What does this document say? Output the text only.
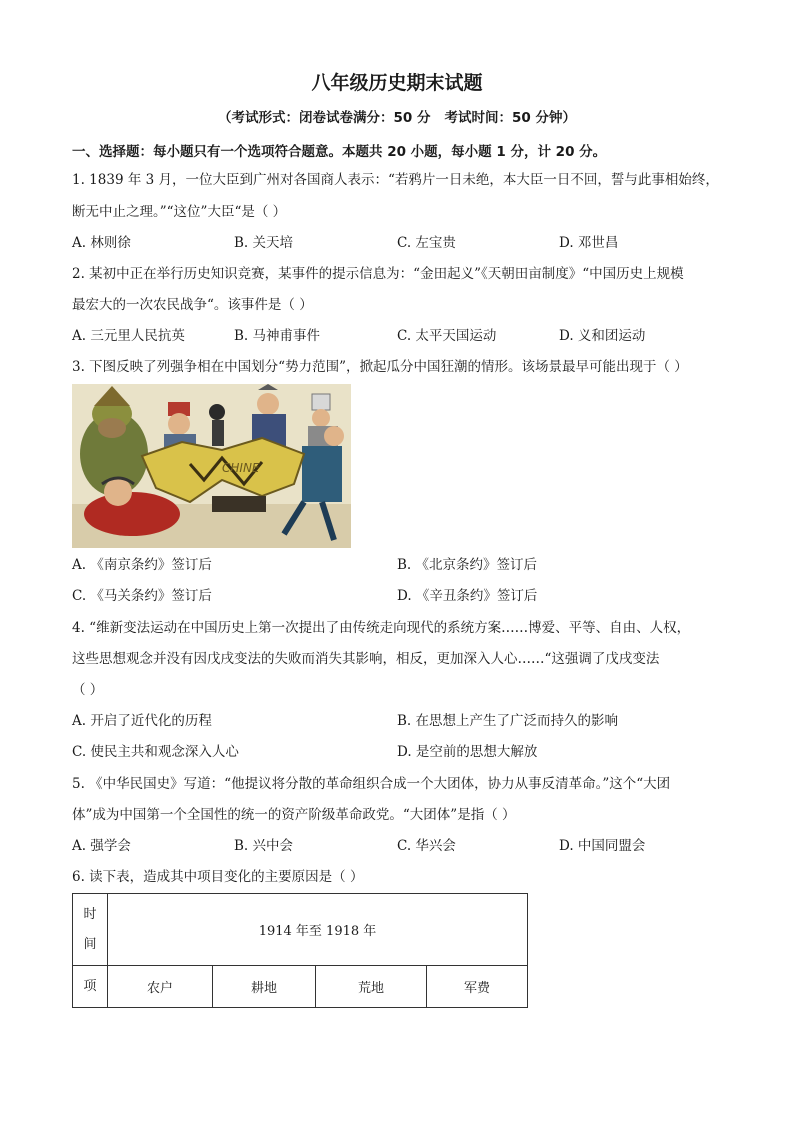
八年级历史期末试题
（考试形式：闭卷试卷满分：50 分   考试时间：50 分钟）
一、选择题：每小题只有一个选项符合题意。本题共 20 小题，每小题 1 分，计 20 分。
1. 1839 年 3 月，一位大臣到广州对各国商人表示：“若鸦片一日未绝，本大臣一日不回，誓与此事相始终，
断无中止之理。”“这位”大臣“是（ ）
A. 林则徐	B. 关天培	C. 左宝贵	D. 邓世昌
2. 某初中正在举行历史知识竞赛，某事件的提示信息为：“金田起义”《天朝田亩制度》“中国历史上规模
最宏大的一次农民战争“。该事件是（ ）
A. 三元里人民抗英	B. 马神甫事件	C. 太平天国运动	D. 义和团运动
3. 下图反映了列强争相在中国划分“势力范围”，掀起瓜分中国狂潮的情形。该场景最早可能出现于（ ）
CHINE
A. 《南京条约》签订后	B. 《北京条约》签订后
C. 《马关条约》签订后	D. 《辛丑条约》签订后
4. “维新变法运动在中国历史上第一次提出了由传统走向现代的系统方案……博爱、平等、自由、人权，
这些思想观念并没有因戊戌变法的失败而消失其影响，相反，更加深入人心……“这强调了戊戌变法
（ ）
A. 开启了近代化的历程	B. 在思想上产生了广泛而持久的影响
C. 使民主共和观念深入人心	D. 是空前的思想大解放
5. 《中华民国史》写道：“他提议将分散的革命组织合成一个大团体，协力从事反清革命。”这个“大团
体”成为中国第一个全国性的统一的资产阶级革命政党。“大团体”是指（ ）
A. 强学会	B. 兴中会	C. 华兴会	D. 中国同盟会
6. 读下表，造成其中项目变化的主要原因是（ ）
时
间	1914 年至 1918 年			
项	农户	耕地	荒地	军费
